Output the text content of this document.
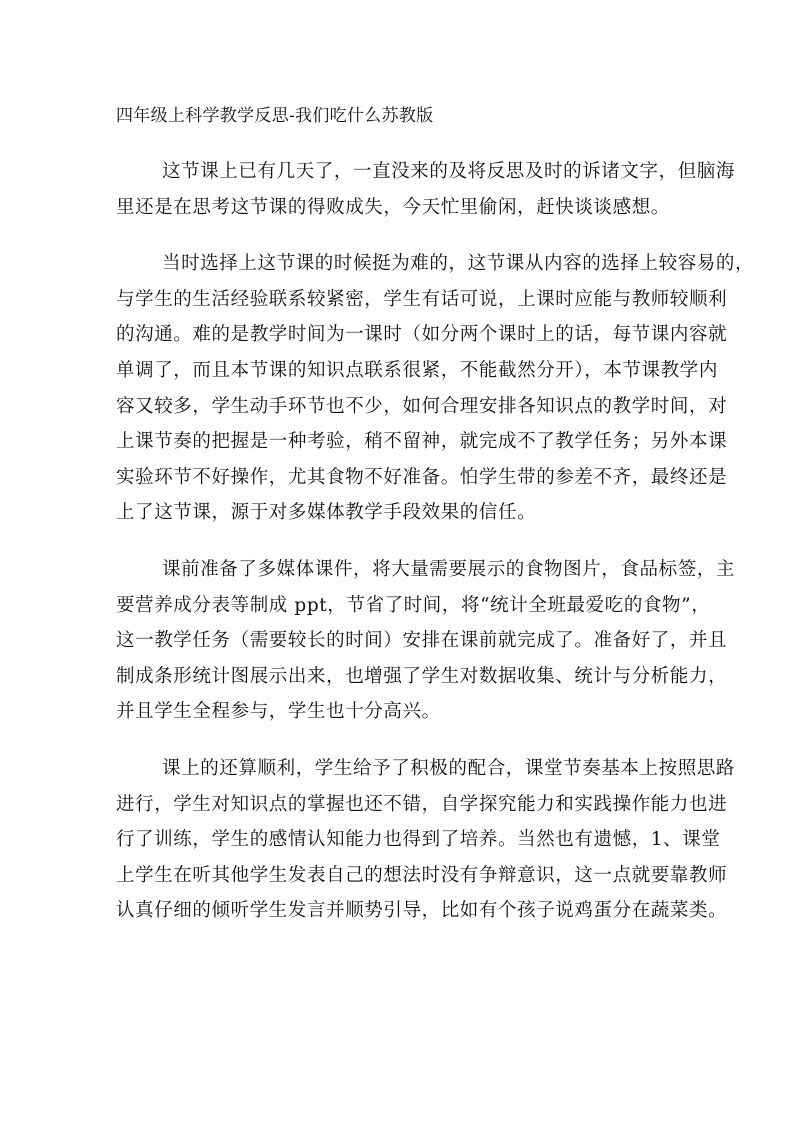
四年级上科学教学反思-我们吃什么苏教版

这节课上已有几天了，一直没来的及将反思及时的诉诸文字，但脑海
里还是在思考这节课的得败成失，今天忙里偷闲，赶快谈谈感想。
当时选择上这节课的时候挺为难的，这节课从内容的选择上较容易的，
与学生的生活经验联系较紧密，学生有话可说，上课时应能与教师较顺利
的沟通。难的是教学时间为一课时（如分两个课时上的话，每节课内容就
单调了，而且本节课的知识点联系很紧，不能截然分开），本节课教学内
容又较多，学生动手环节也不少，如何合理安排各知识点的教学时间，对
上课节奏的把握是一种考验，稍不留神，就完成不了教学任务；另外本课
实验环节不好操作，尤其食物不好准备。怕学生带的参差不齐，最终还是
上了这节课，源于对多媒体教学手段效果的信任。
课前准备了多媒体课件，将大量需要展示的食物图片，食品标签，主
要营养成分表等制成 ppt，节省了时间，将“统计全班最爱吃的食物”，
这一教学任务（需要较长的时间）安排在课前就完成了。准备好了，并且
制成条形统计图展示出来，也增强了学生对数据收集、统计与分析能力，
并且学生全程参与，学生也十分高兴。
课上的还算顺利，学生给予了积极的配合，课堂节奏基本上按照思路
进行，学生对知识点的掌握也还不错，自学探究能力和实践操作能力也进
行了训练，学生的感情认知能力也得到了培养。当然也有遗憾，1、课堂
上学生在听其他学生发表自己的想法时没有争辩意识，这一点就要靠教师
认真仔细的倾听学生发言并顺势引导，比如有个孩子说鸡蛋分在蔬菜类。
